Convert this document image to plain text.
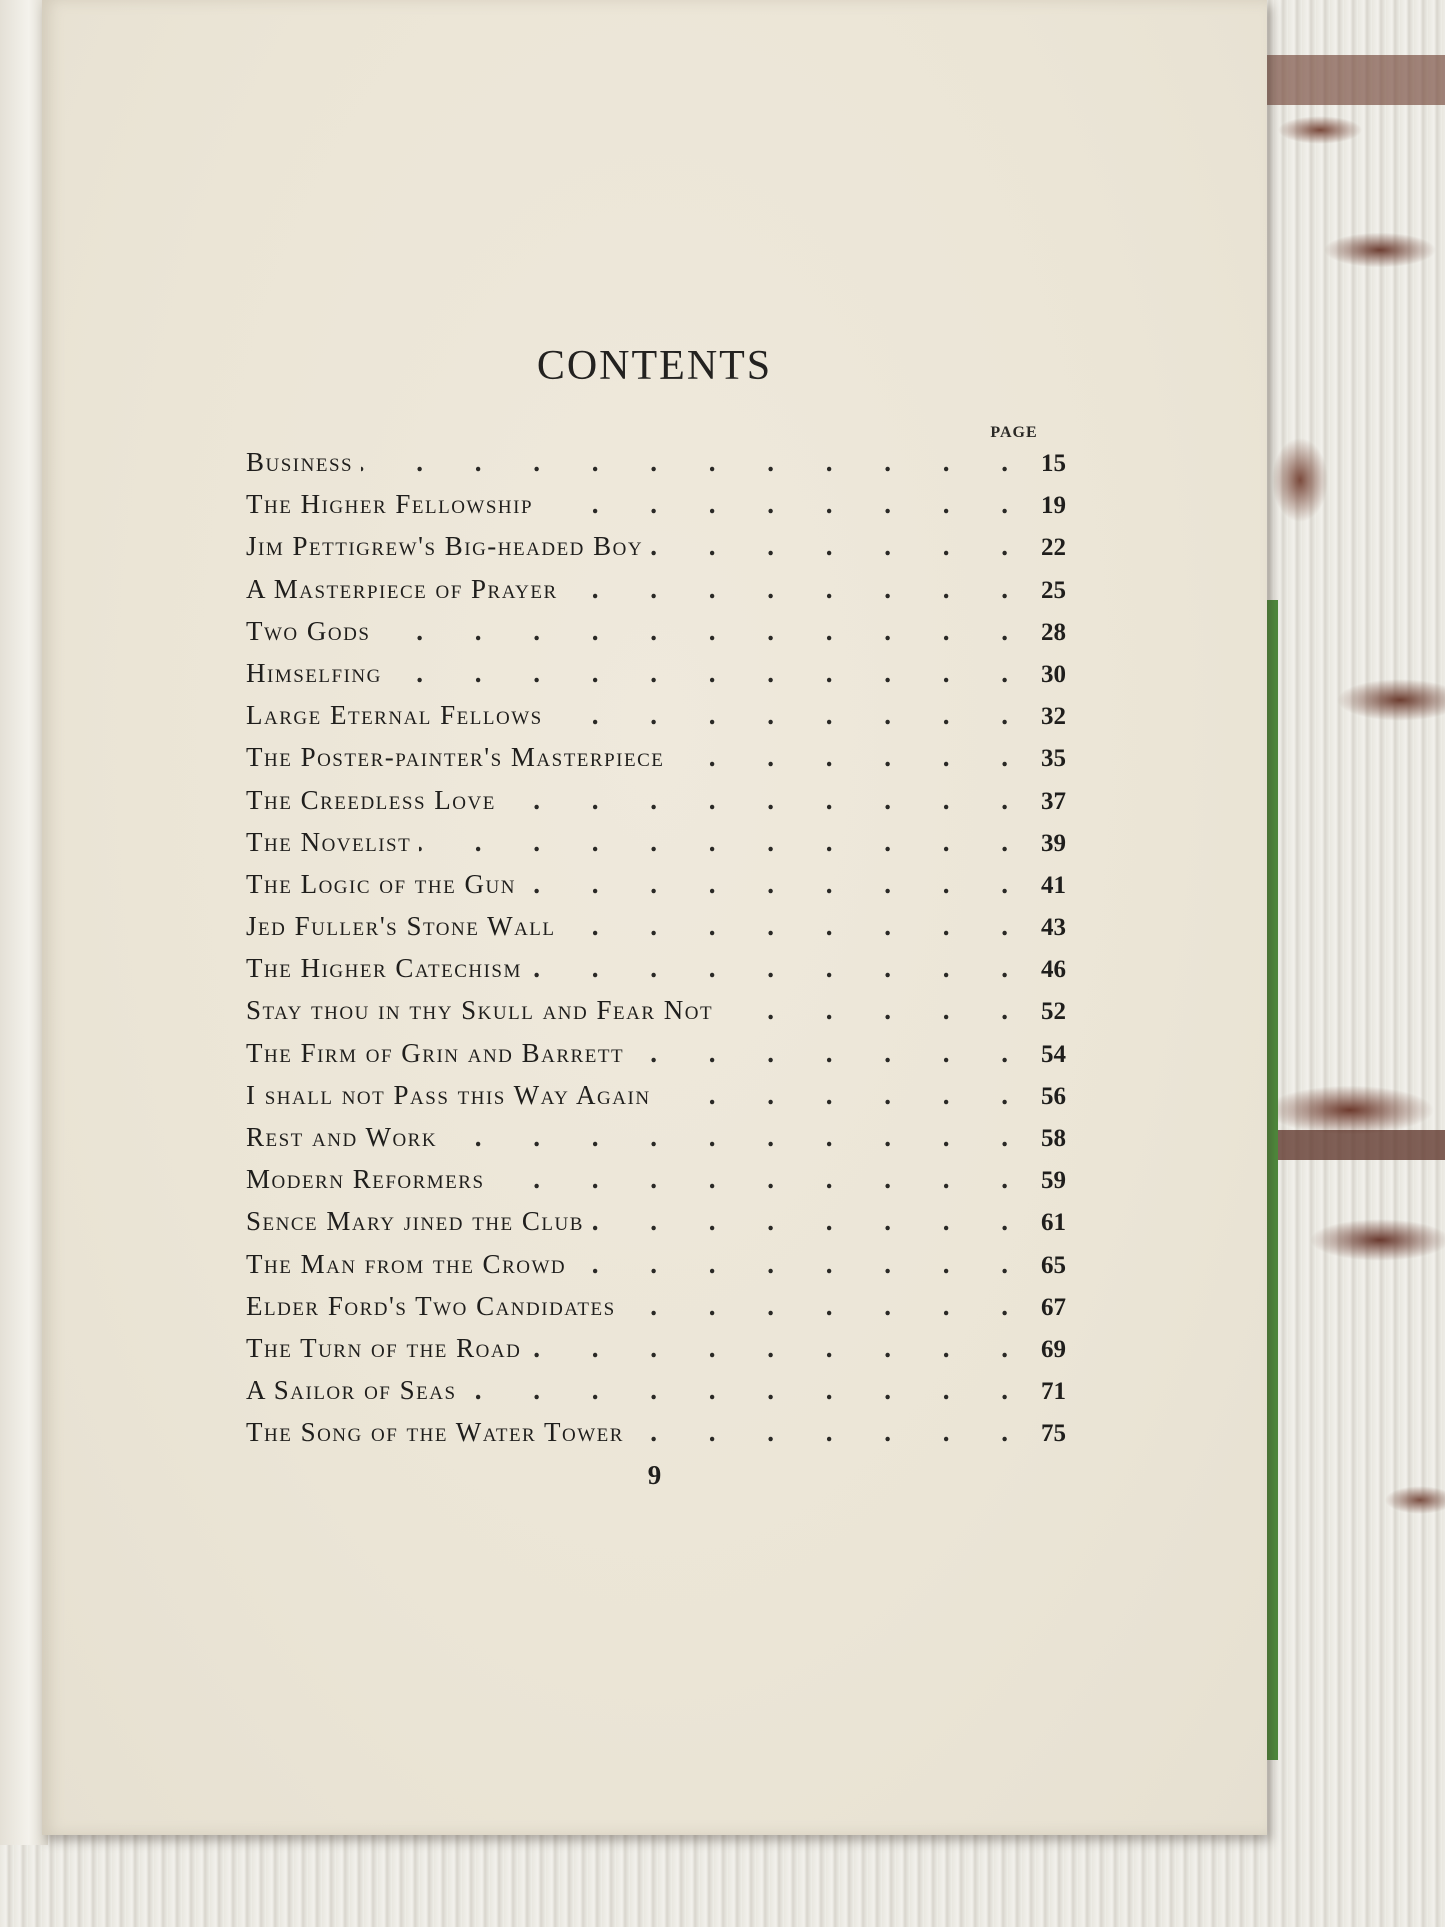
CONTENTS
PAGE
Business . . .	15
The Higher Fellowship . . .	19
Jim Pettigrew's Big-headed Boy . . .	22
A Masterpiece of Prayer . . .	25
Two Gods . . .	28
Himselfing . . .	30
Large Eternal Fellows . . .	32
The Poster-painter's Masterpiece . . .	35
The Creedless Love . . .	37
The Novelist . . .	39
The Logic of the Gun . . .	41
Jed Fuller's Stone Wall . . .	43
The Higher Catechism . . .	46
Stay thou in thy Skull and Fear Not . . .	52
The Firm of Grin and Barrett . . .	54
I shall not Pass this Way Again . . .	56
Rest and Work . . .	58
Modern Reformers . . .	59
Sence Mary jined the Club . . .	61
The Man from the Crowd . . .	65
Elder Ford's Two Candidates . . .	67
The Turn of the Road . . .	69
A Sailor of Seas . . .	71
The Song of the Water Tower . . .	75
9
